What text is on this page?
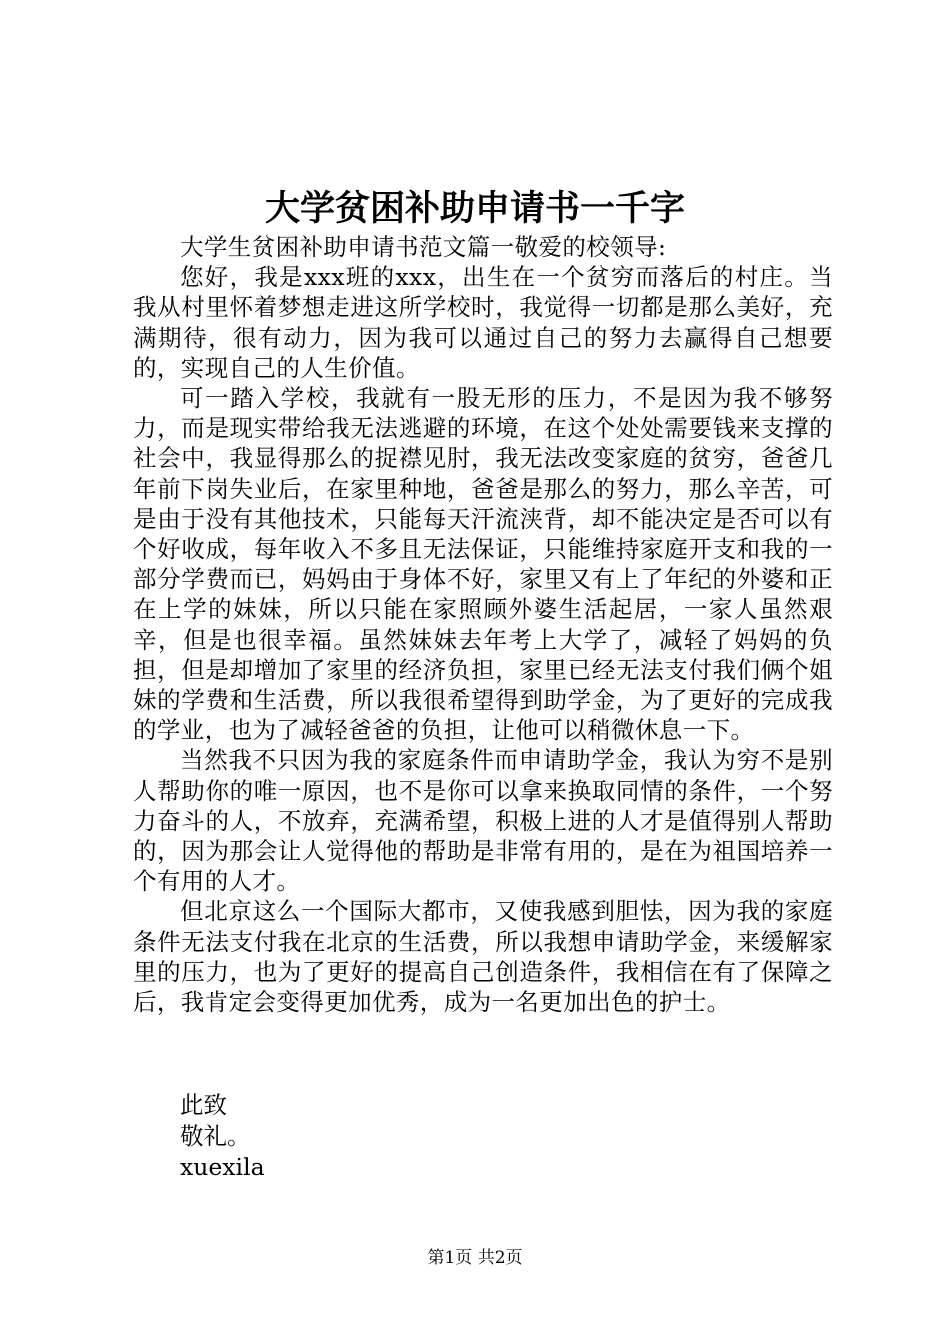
大学贫困补助申请书一千字

大学生贫困补助申请书范文篇一敬爱的校领导:

您好，我是xxx班的xxx，出生在一个贫穷而落后的村庄。当我从村里怀着梦想走进这所学校时，我觉得一切都是那么美好，充满期待，很有动力，因为我可以通过自己的努力去赢得自己想要的，实现自己的人生价值。

可一踏入学校，我就有一股无形的压力，不是因为我不够努力，而是现实带给我无法逃避的环境，在这个处处需要钱来支撑的社会中，我显得那么的捉襟见肘，我无法改变家庭的贫穷，爸爸几年前下岗失业后，在家里种地，爸爸是那么的努力，那么辛苦，可是由于没有其他技术，只能每天汗流浃背，却不能决定是否可以有个好收成，每年收入不多且无法保证，只能维持家庭开支和我的一部分学费而已，妈妈由于身体不好，家里又有上了年纪的外婆和正在上学的妹妹，所以只能在家照顾外婆生活起居，一家人虽然艰辛，但是也很幸福。虽然妹妹去年考上大学了，减轻了妈妈的负担，但是却增加了家里的经济负担，家里已经无法支付我们俩个姐妹的学费和生活费，所以我很希望得到助学金，为了更好的完成我的学业，也为了减轻爸爸的负担，让他可以稍微休息一下。

当然我不只因为我的家庭条件而申请助学金，我认为穷不是别人帮助你的唯一原因，也不是你可以拿来换取同情的条件，一个努力奋斗的人，不放弃，充满希望，积极上进的人才是值得别人帮助的，因为那会让人觉得他的帮助是非常有用的，是在为祖国培养一个有用的人才。

但北京这么一个国际大都市，又使我感到胆怯，因为我的家庭条件无法支付我在北京的生活费，所以我想申请助学金，来缓解家里的压力，也为了更好的提高自己创造条件，我相信在有了保障之后，我肯定会变得更加优秀，成为一名更加出色的护士。

此致
敬礼。
xuexila
第1页 共2页
